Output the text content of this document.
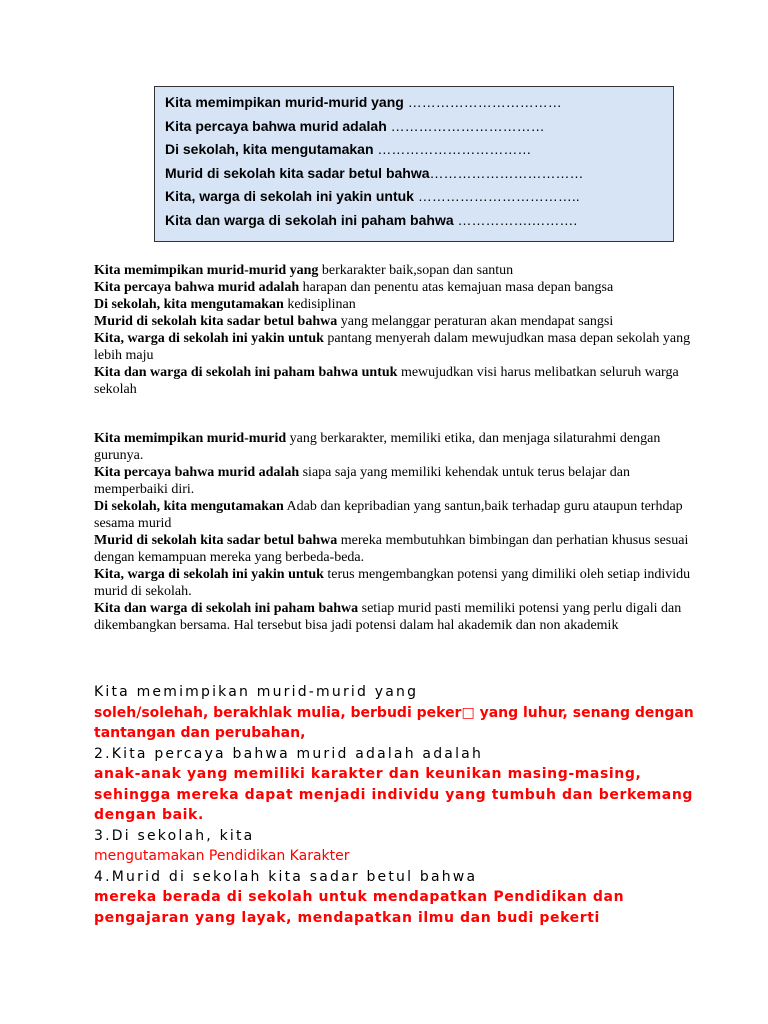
Kita memimpikan murid-murid yang ……………………………
Kita percaya bahwa murid adalah ……………………………
Di sekolah, kita mengutamakan ……………………………
Murid di sekolah kita sadar betul bahwa……………………………
Kita, warga di sekolah ini yakin untuk ……………………………..
Kita dan warga di sekolah ini paham bahwa …………….……….

Kita memimpikan murid-murid yang berkarakter baik,sopan dan santun

Kita percaya bahwa murid adalah harapan dan penentu atas kemajuan masa depan bangsa

Di sekolah, kita mengutamakan kedisiplinan

Murid di sekolah kita sadar betul bahwa yang melanggar peraturan akan mendapat sangsi

Kita, warga di sekolah ini yakin untuk pantang menyerah dalam mewujudkan masa depan sekolah yang lebih maju

Kita dan warga di sekolah ini paham bahwa untuk mewujudkan visi harus melibatkan seluruh warga sekolah

Kita memimpikan murid-murid yang berkarakter, memiliki etika, dan menjaga silaturahmi dengan gurunya.

Kita percaya bahwa murid adalah siapa saja yang memiliki kehendak untuk terus belajar dan memperbaiki diri.

Di sekolah, kita mengutamakan Adab dan kepribadian yang santun,baik terhadap guru ataupun terhdap sesama murid

Murid di sekolah kita sadar betul bahwa mereka membutuhkan bimbingan dan perhatian khusus sesuai dengan kemampuan mereka yang berbeda-beda.

Kita, warga di sekolah ini yakin untuk terus mengembangkan potensi yang dimiliki oleh setiap individu murid di sekolah.

Kita dan warga di sekolah ini paham bahwa setiap murid pasti memiliki potensi yang perlu digali dan dikembangkan bersama. Hal tersebut bisa jadi potensi dalam hal akademik dan non akademik

Kita memimpikan murid-murid yang

soleh/solehah, berakhlak mulia, berbudi peker□ yang luhur, senang dengan tantangan dan perubahan,

2.Kita percaya bahwa murid adalah adalah

anak-anak yang memiliki karakter dan keunikan masing-masing, sehingga mereka dapat menjadi individu yang tumbuh dan berkemang dengan baik.

3.Di sekolah, kita

mengutamakan Pendidikan Karakter

4.Murid di sekolah kita sadar betul bahwa

mereka berada di sekolah untuk mendapatkan Pendidikan dan pengajaran yang layak, mendapatkan ilmu dan budi pekerti
